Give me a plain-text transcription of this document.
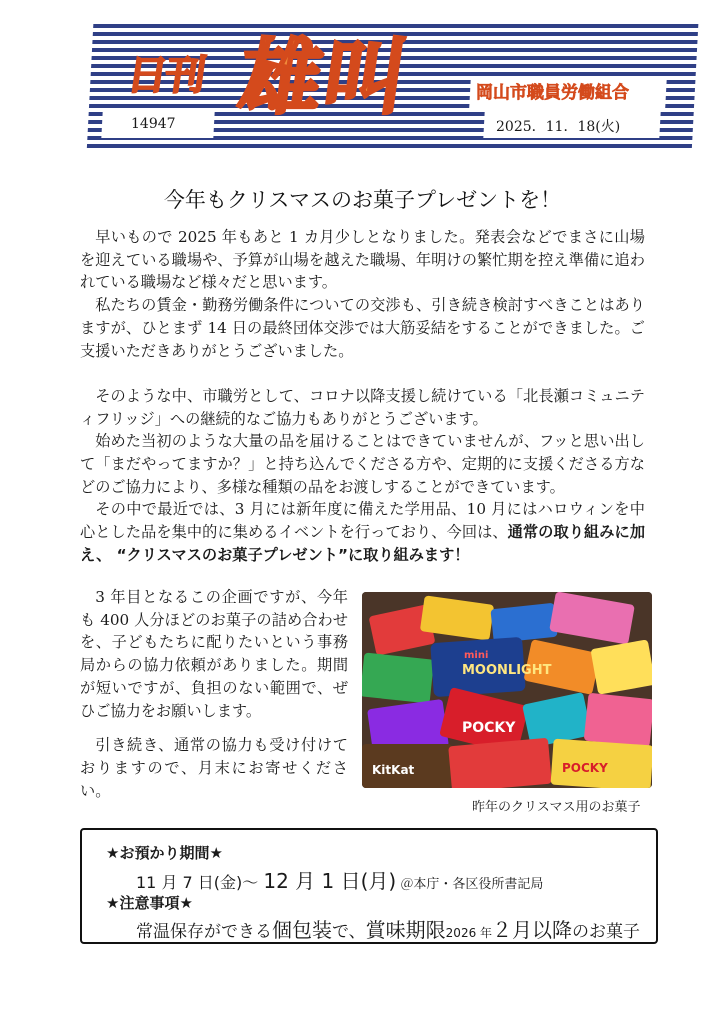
日刊 雄叫	岡山市職員労働組合
14947	2025．11．18(火)
今年もクリスマスのお菓子プレゼントを！

早いもので 2025 年もあと 1 カ月少しとなりました。発表会などでまさに山場を迎えている職場や、予算が山場を越えた職場、年明けの繁忙期を控え準備に追われている職場など様々だと思います。

私たちの賃金・勤務労働条件についての交渉も、引き続き検討すべきことはありますが、ひとまず 14 日の最終団体交渉では大筋妥結をすることができました。ご支援いただきありがとうございました。

そのような中、市職労として、コロナ以降支援し続けている「北長瀬コミュニティフリッジ」への継続的なご協力もありがとうございます。

始めた当初のような大量の品を届けることはできていませんが、フッと思い出して「まだやってますか？」と持ち込んでくださる方や、定期的に支援くださる方などのご協力により、多様な種類の品をお渡しすることができています。

その中で最近では、3 月には新年度に備えた学用品、10 月にはハロウィンを中心とした品を集中的に集めるイベントを行っており、今回は、通常の取り組みに加え、 “クリスマスのお菓子プレゼント”に取り組みます！

3 年目となるこの企画ですが、今年も 400 人分ほどのお菓子の詰め合わせを、子どもたちに配りたいという事務局からの協力依頼がありました。期間が短いですが、負担のない範囲で、ぜひご協力をお願いします。

引き続き、通常の協力も受け付けておりますので、月末にお寄せください。

MOONLIGHT
mini
POCKY
POCKY
KitKat
昨年のクリスマス用のお菓子
★お預かり期間★
11 月 7 日(金)～ 12 月 1 日(月) ＠本庁・各区役所書記局
★注意事項★
常温保存ができる個包装で、賞味期限2026 年２月以降のお菓子
